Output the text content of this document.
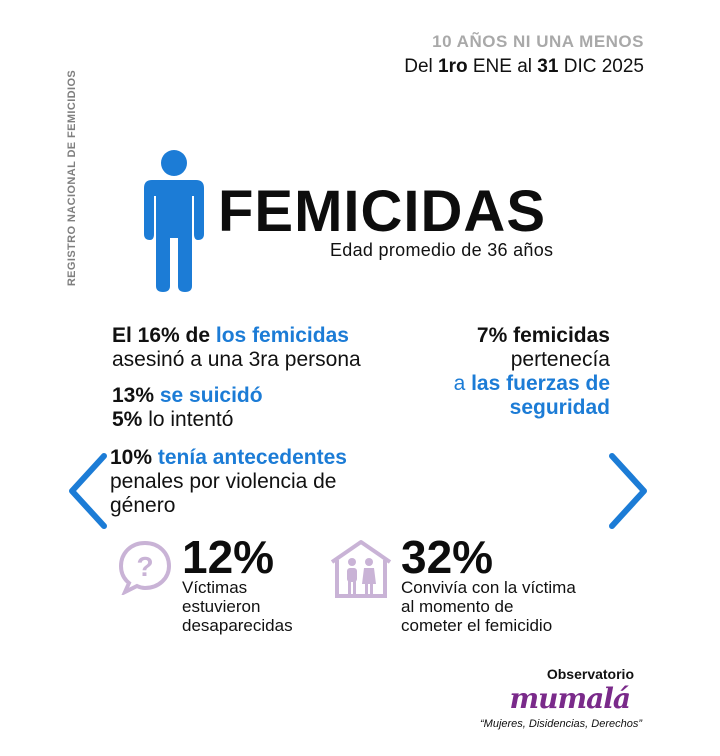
10 AÑOS NI UNA MENOS
Del 1ro ENE al 31 DIC 2025
REGISTRO NACIONAL DE FEMICIDIOS FEMICIDAS
Edad promedio de 36 años
El 16% de los femicidas
asesinó a una 3ra persona
13% se suicidó
5% lo intentó
10% tenía antecedentes
penales por violencia de
género
7% femicidas
pertenecía
a las fuerzas de
seguridad
? 12%
Víctimas
estuvieron
desaparecidas
32%
Convivía con la víctima
al momento de
cometer el femicidio
Observatorio
mumalá
“Mujeres, Disidencias, Derechos”
